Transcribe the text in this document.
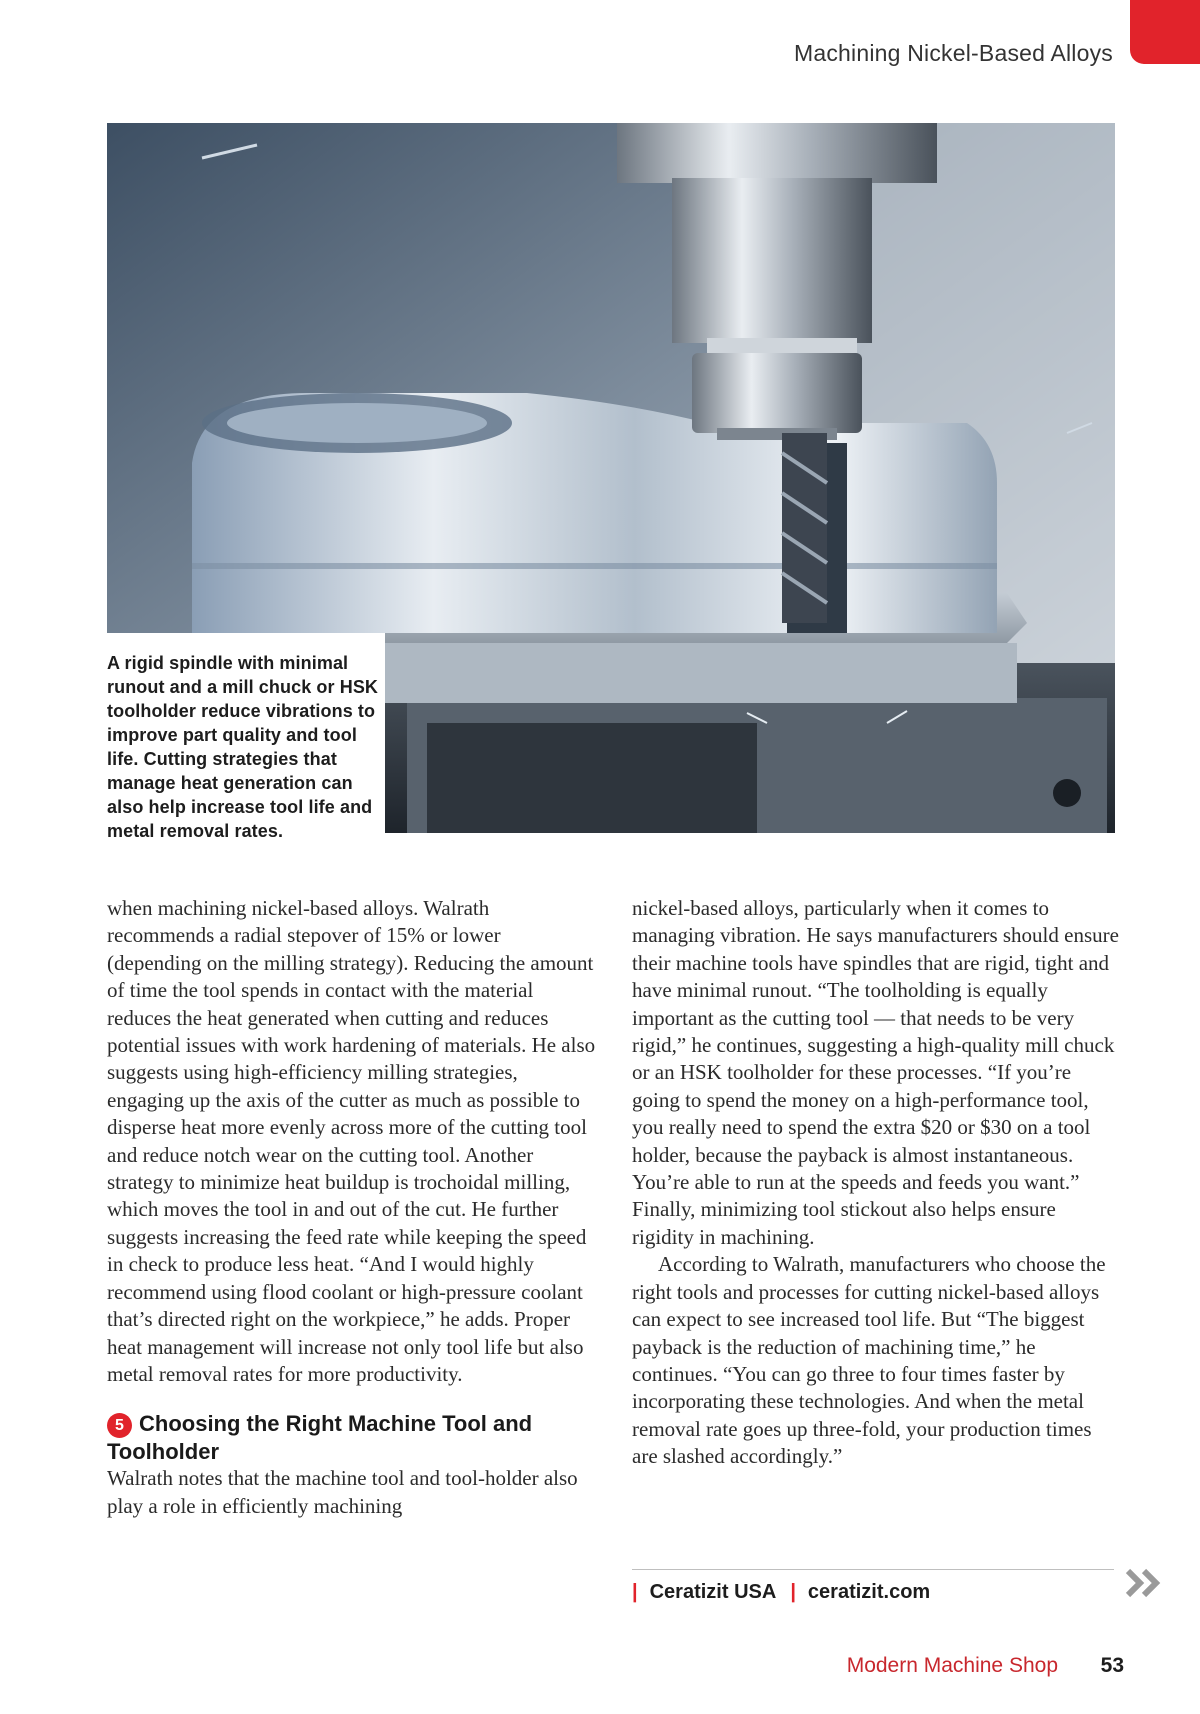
Machining Nickel-Based Alloys

A rigid spindle with minimal runout and a mill chuck or HSK toolholder reduce vibrations to improve part quality and tool life. Cutting strategies that manage heat generation can also help increase tool life and metal removal rates.

when machining nickel-based alloys. Walrath recommends a radial stepover of 15% or lower (depending on the milling strategy). Reducing the amount of time the tool spends in contact with the material reduces the heat generated when cutting and reduces potential issues with work hardening of materials. He also suggests using high-efficiency milling strategies, engaging up the axis of the cutter as much as possible to disperse heat more evenly across more of the cutting tool and reduce notch wear on the cutting tool. Another strategy to minimize heat buildup is trochoidal milling, which moves the tool in and out of the cut. He further suggests increasing the feed rate while keeping the speed in check to produce less heat. “And I would highly recommend using flood coolant or high-pressure coolant that’s directed right on the workpiece,” he adds. Proper heat management will increase not only tool life but also metal removal rates for more productivity.

5 Choosing the Right Machine Tool and Toolholder

Walrath notes that the machine tool and tool-holder also play a role in efficiently machining

nickel-based alloys, particularly when it comes to managing vibration. He says manufacturers should ensure their machine tools have spindles that are rigid, tight and have minimal runout. “The toolholding is equally important as the cutting tool — that needs to be very rigid,” he continues, suggesting a high-quality mill chuck or an HSK toolholder for these processes. “If you’re going to spend the money on a high-performance tool, you really need to spend the extra $20 or $30 on a tool holder, because the payback is almost instantaneous. You’re able to run at the speeds and feeds you want.” Finally, minimizing tool stickout also helps ensure rigidity in machining.

According to Walrath, manufacturers who choose the right tools and processes for cutting nickel-based alloys can expect to see increased tool life. But “The biggest payback is the reduction of machining time,” he continues. “You can go three to four times faster by incorporating these technologies. And when the metal removal rate goes up three-fold, your production times are slashed accordingly.”

| Ceratizit USA | ceratizit.com
Modern Machine Shop 53
